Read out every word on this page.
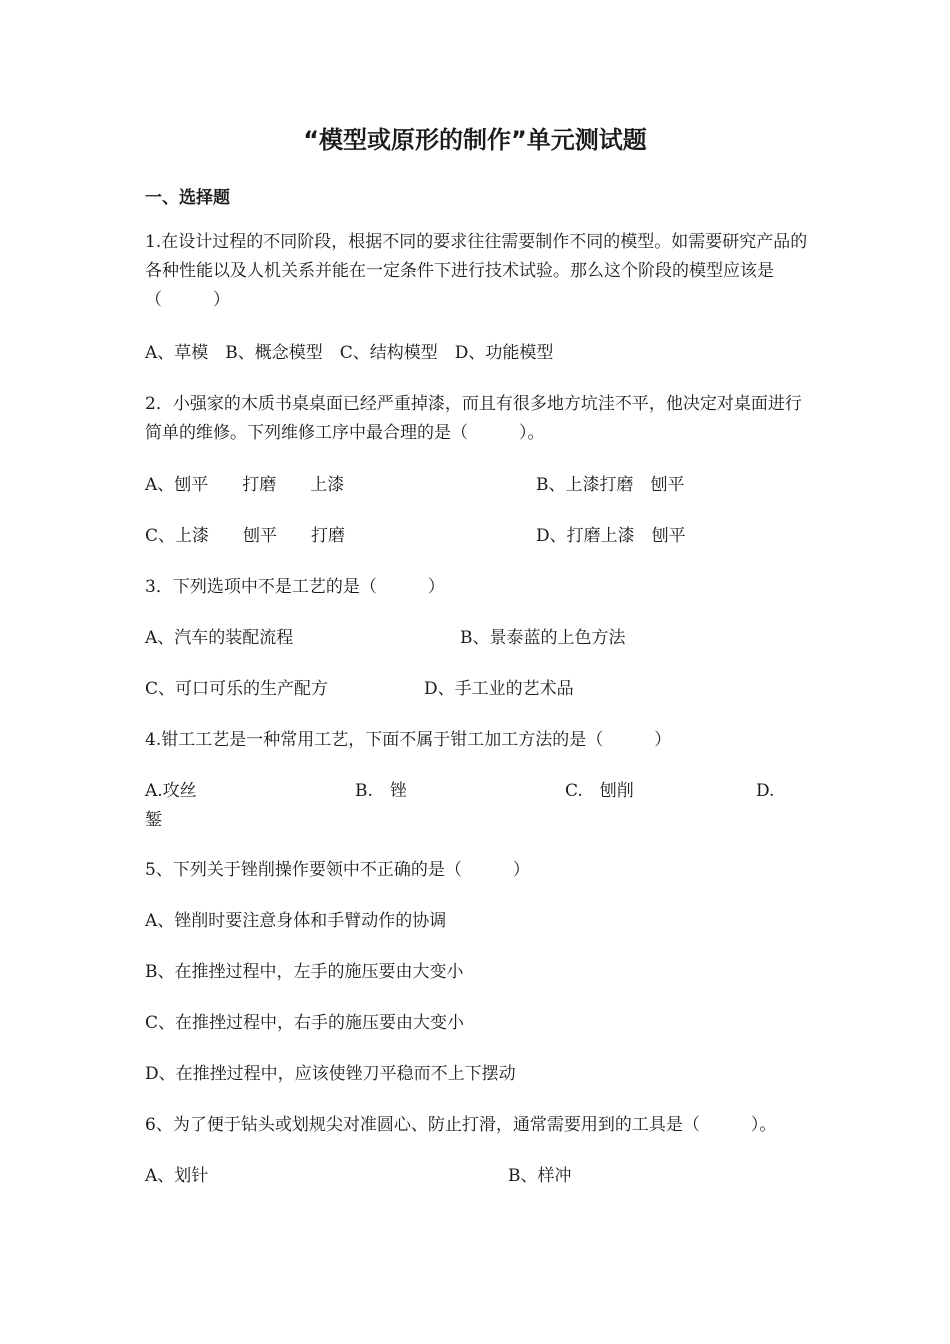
“模型或原形的制作”单元测试题
一、选择题
1.在设计过程的不同阶段，根据不同的要求往往需要制作不同的模型。如需要研究产品的各种性能以及人机关系并能在一定条件下进行技术试验。那么这个阶段的模型应该是（　　　）
A、草模　B、概念模型　C、结构模型　D、功能模型
2．小强家的木质书桌桌面已经严重掉漆，而且有很多地方坑洼不平，他决定对桌面进行简单的维修。下列维修工序中最合理的是（　　　）。
A、刨平　　打磨　　上漆	B、上漆打磨　刨平
C、上漆　　刨平　　打磨	D、打磨上漆　刨平
3．下列选项中不是工艺的是（　　　）
A、汽车的装配流程	B、景泰蓝的上色方法
C、可口可乐的生产配方	D、手工业的艺术品
4.钳工工艺是一种常用工艺，下面不属于钳工加工方法的是（　　　）
A.攻丝	B.　锉	C.　刨削	D.
錾
5、下列关于锉削操作要领中不正确的是（　　　）
A、锉削时要注意身体和手臂动作的协调
B、在推挫过程中，左手的施压要由大变小
C、在推挫过程中，右手的施压要由大变小
D、在推挫过程中，应该使锉刀平稳而不上下摆动
6、为了便于钻头或划规尖对准圆心、防止打滑，通常需要用到的工具是（　　　）。
A、划针	B、样冲
